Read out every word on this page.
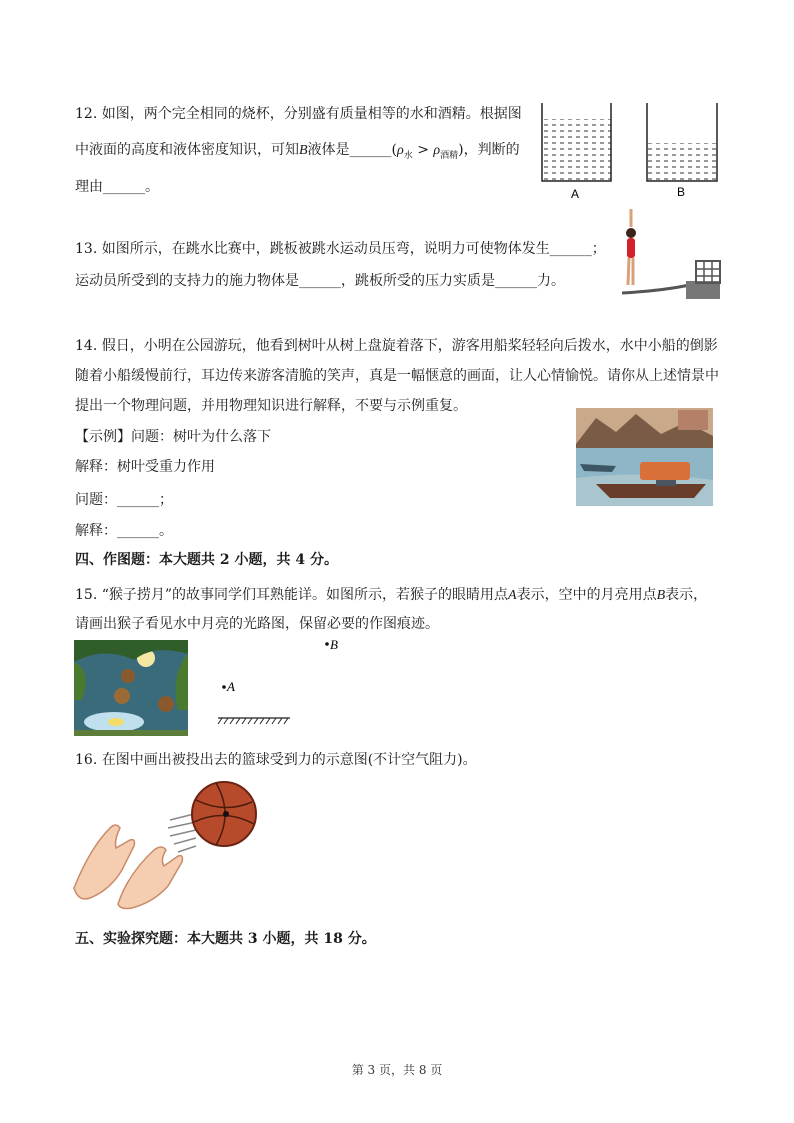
12. 如图，两个完全相同的烧杯，分别盛有质量相等的水和酒精。根据图
中液面的高度和液体密度知识，可知B液体是$\_\_\_\_\_\_(\rho_水 > \rho_{酒精})$，判断的
理由______。	A	B
13. 如图所示，在跳水比赛中，跳板被跳水运动员压弯，说明力可使物体发生______；
运动员所受到的支持力的施力物体是______，跳板所受的压力实质是______力。
14. 假日，小明在公园游玩，他看到树叶从树上盘旋着落下，游客用船桨轻轻向后拨水，水中小船的倒影
随着小船缓慢前行，耳边传来游客清脆的笑声，真是一幅惬意的画面，让人心情愉悦。请你从上述情景中
提出一个物理问题，并用物理知识进行解释，不要与示例重复。
【示例】问题：树叶为什么落下
解释：树叶受重力作用
问题：______；
解释：______。
四、作图题：本大题共 2 小题，共 4 分。
15. “猴子捞月”的故事同学们耳熟能详。如图所示，若猴子的眼睛用点A表示，空中的月亮用点B表示，
请画出猴子看见水中月亮的光路图，保留必要的作图痕迹。
B
A
16. 在图中画出被投出去的篮球受到力的示意图(不计空气阻力)。
五、实验探究题：本大题共 3 小题，共 18 分。
第 3 页，共 8 页
